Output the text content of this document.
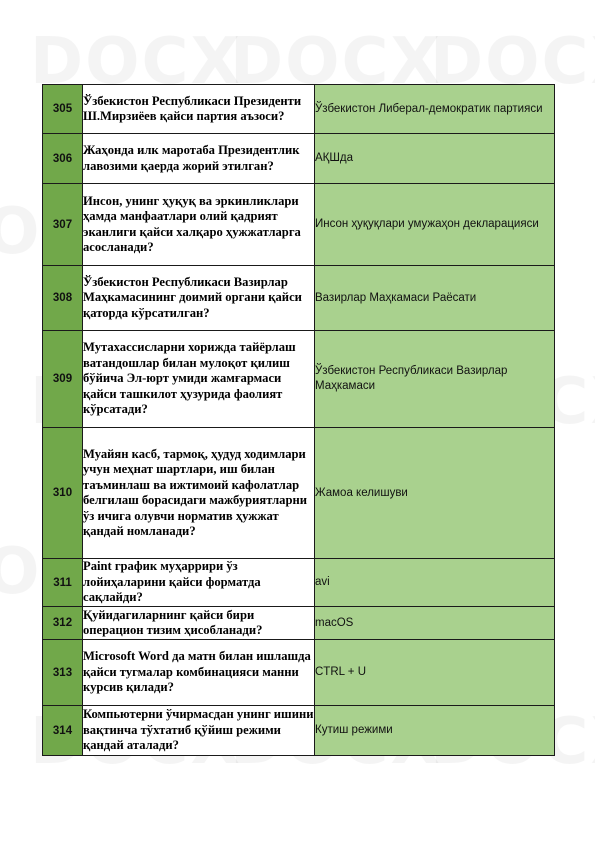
305	Ўзбекистон Республикаси Президенти Ш.Мирзиёев қайси партия аъзоси?	Ўзбекистон Либерал-демократик партияси
306	Жаҳонда илк маротаба Президентлик лавозими қаерда жорий этилган?	АҚШда
307	Инсон, унинг ҳуқуқ ва эркинликлари ҳамда манфаатлари олий қадрият эканлиги қайси халқаро ҳужжатларга асосланади?	Инсон ҳуқуқлари умужаҳон декларацияси
308	Ўзбекистон Республикаси Вазирлар Маҳкамасининг доимий органи қайси қаторда кўрсатилган?	Вазирлар Маҳкамаси Раёсати
309	Мутахассисларни хорижда тайёрлаш ватандошлар билан мулоқот қилиш бўйича Эл-юрт умиди жамғармаси қайси ташкилот ҳузурида фаолият кўрсатади?	Ўзбекистон Республикаси Вазирлар Маҳкамаси
310	Муайян касб, тармоқ, ҳудуд ходимлари учун меҳнат шартлари, иш билан таъминлаш ва ижтимоий кафолатлар белгилаш борасидаги мажбуриятларни ўз ичига олувчи норматив ҳужжат қандай номланади?	Жамоа келишуви
311	Paint график муҳаррири ўз лойиҳаларини қайси форматда сақлайди?	avi
312	Қуйидагиларнинг қайси бири операцион тизим ҳисобланади?	macOS
313	Microsoft Word да матн билан ишлашда қайси тугмалар комбинацияси манни курсив қилади?	CTRL + U
314	Компьютерни ўчирмасдан унинг ишини вақтинча тўхтатиб қўйиш режими қандай аталади?	Кутиш режими
